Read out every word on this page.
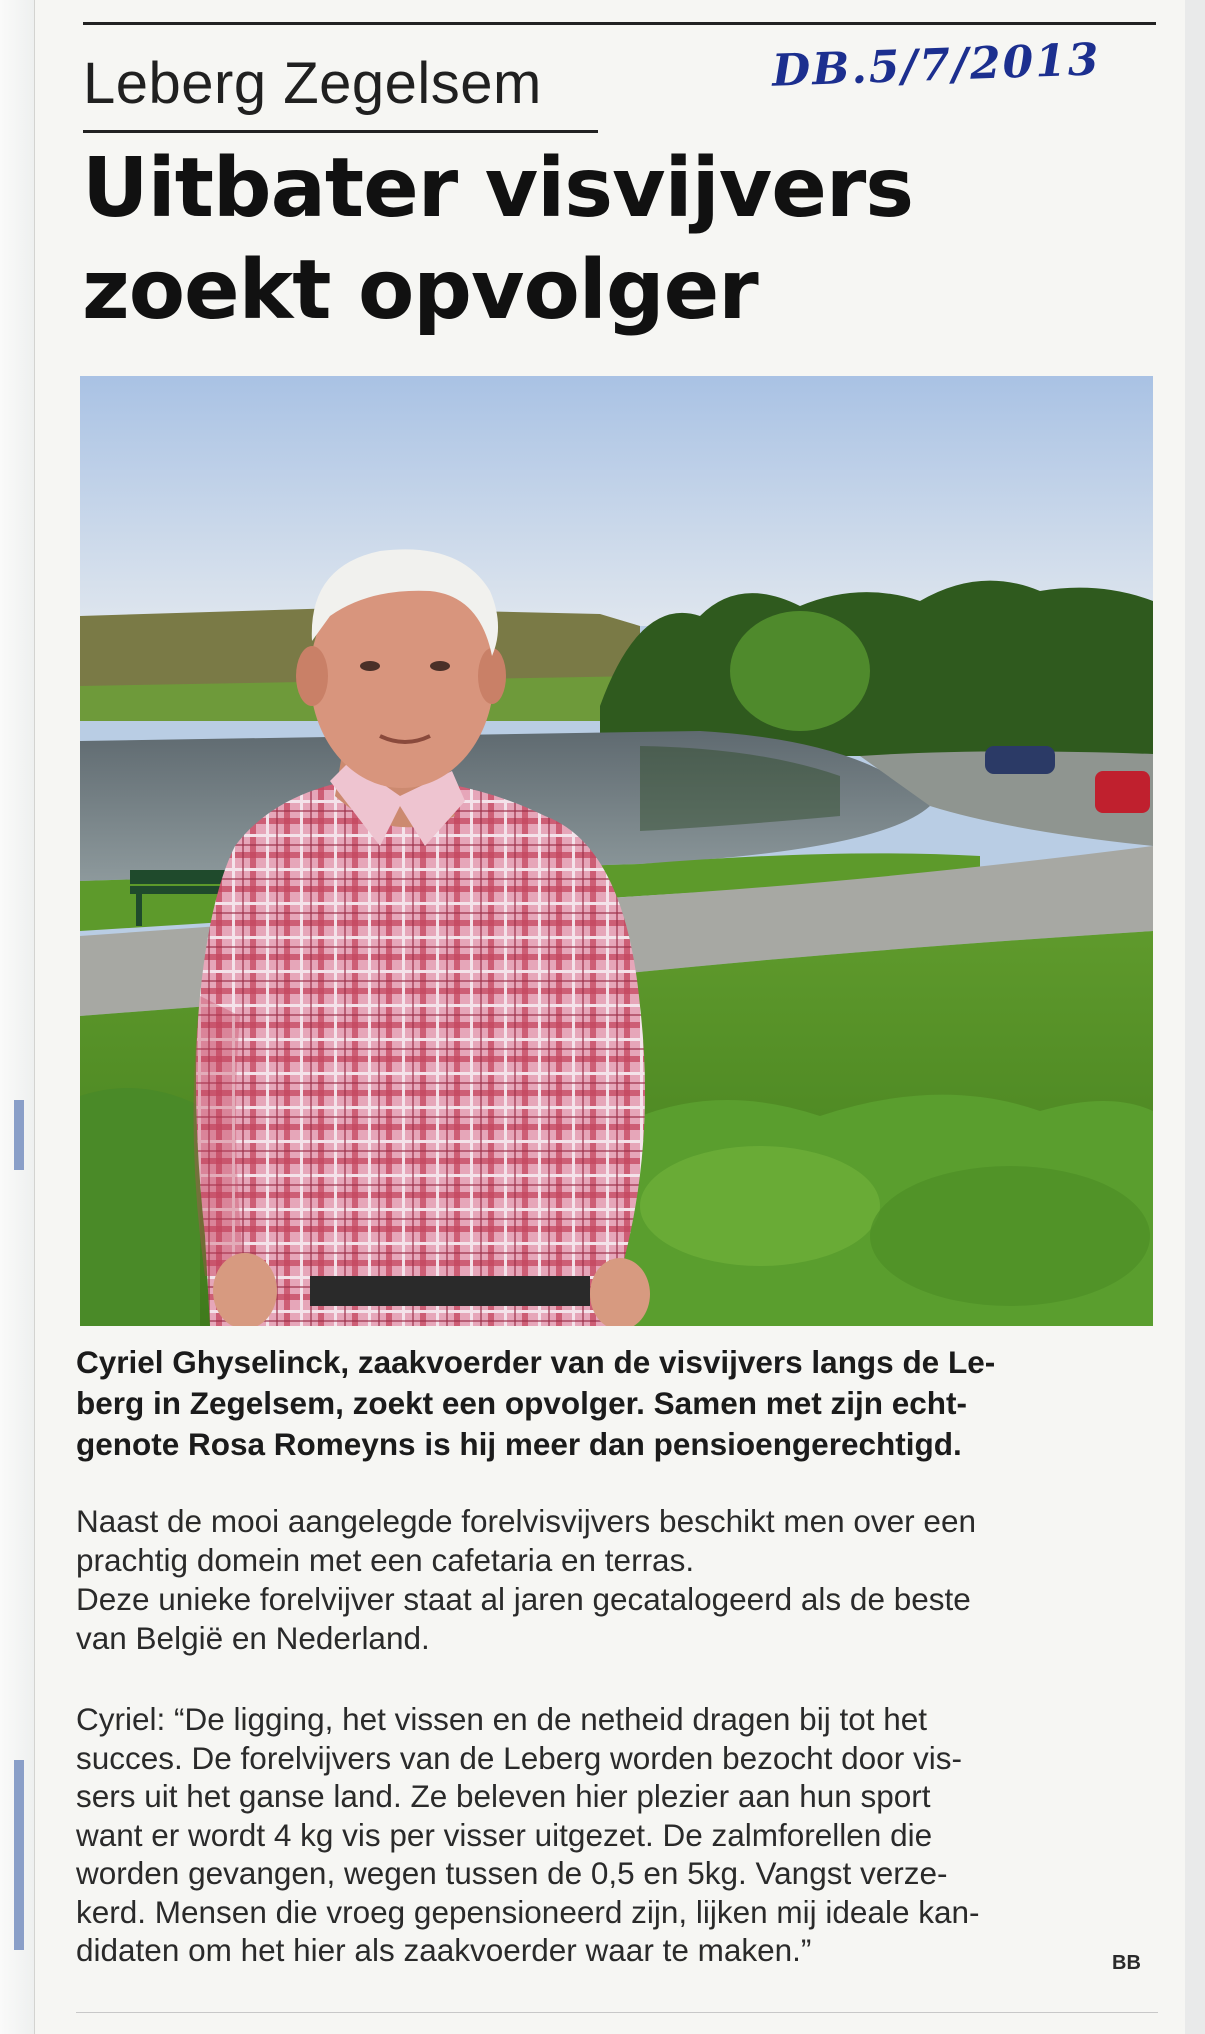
Leberg Zegelsem	DB.5/7/2013
Uitbater visvijvers
zoekt opvolger
Cyriel Ghyselinck, zaakvoerder van de visvijvers langs de Le-
berg in Zegelsem, zoekt een opvolger. Samen met zijn echt-
genote Rosa Romeyns is hij meer dan pensioengerechtigd.
Naast de mooi aangelegde forelvisvijvers beschikt men over een
prachtig domein met een cafetaria en terras.
Deze unieke forelvijver staat al jaren gecatalogeerd als de beste
van België en Nederland.
Cyriel: “De ligging, het vissen en de netheid dragen bij tot het
succes. De forelvijvers van de Leberg worden bezocht door vis-
sers uit het ganse land. Ze beleven hier plezier aan hun sport
want er wordt 4 kg vis per visser uitgezet. De zalmforellen die
worden gevangen, wegen tussen de 0,5 en 5kg. Vangst verze-
kerd. Mensen die vroeg gepensioneerd zijn, lijken mij ideale kan-
didaten om het hier als zaakvoerder waar te maken.”	BB
